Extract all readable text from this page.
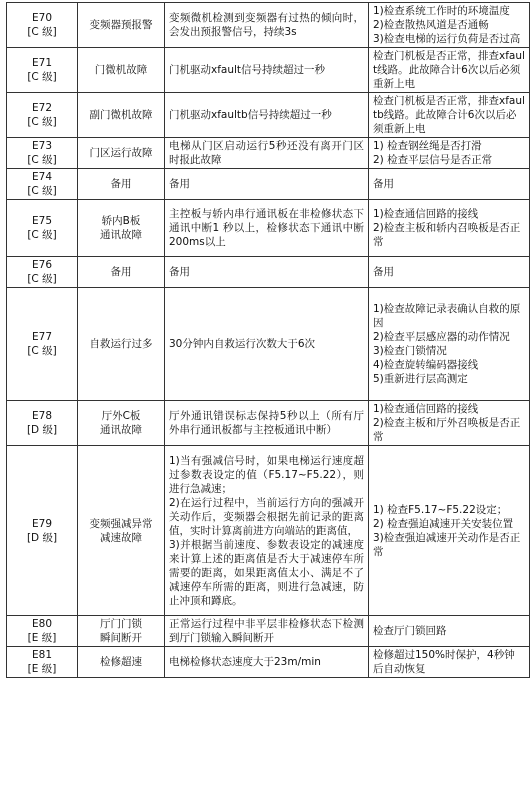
E70
[C 级]	变频器预报警	变频微机检测到变频器有过热的倾向时，会发出预报警信号，持续3s	1)检查系统工作时的环境温度
2)检查散热风道是否通畅
3)检查电梯的运行负荷是否过高

E71
[C 级]	门微机故障	门机驱动xfault信号持续超过一秒	检查门机板是否正常，排查xfault线路。此故障合计6次以后必须重新上电

E72
[C 级]	副门微机故障	门机驱动xfaultb信号持续超过一秒	检查门机板是否正常，排查xfaultb线路。此故障合计6次以后必须重新上电

E73
[C 级]	门区运行故障	电梯从门区启动运行5秒还没有离开门区时报此故障	1) 检查钢丝绳是否打滑
2) 检查平层信号是否正常

E74
[C 级]	备用	备用	备用

E75
[C 级]	轿内B板
通讯故障	主控板与轿内串行通讯板在非检修状态下通讯中断1 秒以上，检修状态下通讯中断200ms以上	1)检查通信回路的接线
2)检查主板和轿内召唤板是否正常

E76
[C 级]	备用	备用	备用

E77
[C 级]	自救运行过多	30分钟内自救运行次数大于6次	1)检查故障记录表确认自救的原因
2)检查平层感应器的动作情况
3)检查门锁情况
4)检查旋转编码器接线
5)重新进行层高测定

E78
[D 级]	厅外C板
通讯故障	厅外通讯错误标志保持5秒以上（所有厅外串行通讯板都与主控板通讯中断）	1)检查通信回路的接线
2)检查主板和厅外召唤板是否正常

E79
[D 级]	变频强减异常
减速故障	1)当有强减信号时，如果电梯运行速度超过参数表设定的值（F5.17~F5.22），则进行急减速；
2)在运行过程中，当前运行方向的强减开关动作后，变频器会根据先前记录的距离值，实时计算离前进方向端站的距离值，
3)并根据当前速度、参数表设定的减速度来计算上述的距离值是否大于减速停车所需要的距离，如果距离值太小、满足不了减速停车所需的距离，则进行急减速，防止冲顶和蹲底。	1) 检查F5.17~F5.22设定；
2) 检查强迫减速开关安装位置
3)检查强迫减速开关动作是否正常

E80
[E 级]	厅门门锁
瞬间断开	正常运行过程中非平层非检修状态下检测到厅门锁输入瞬间断开	检查厅门锁回路

E81
[E 级]	检修超速	电梯检修状态速度大于23m/min	检修超过150%时保护，4秒钟后自动恢复
